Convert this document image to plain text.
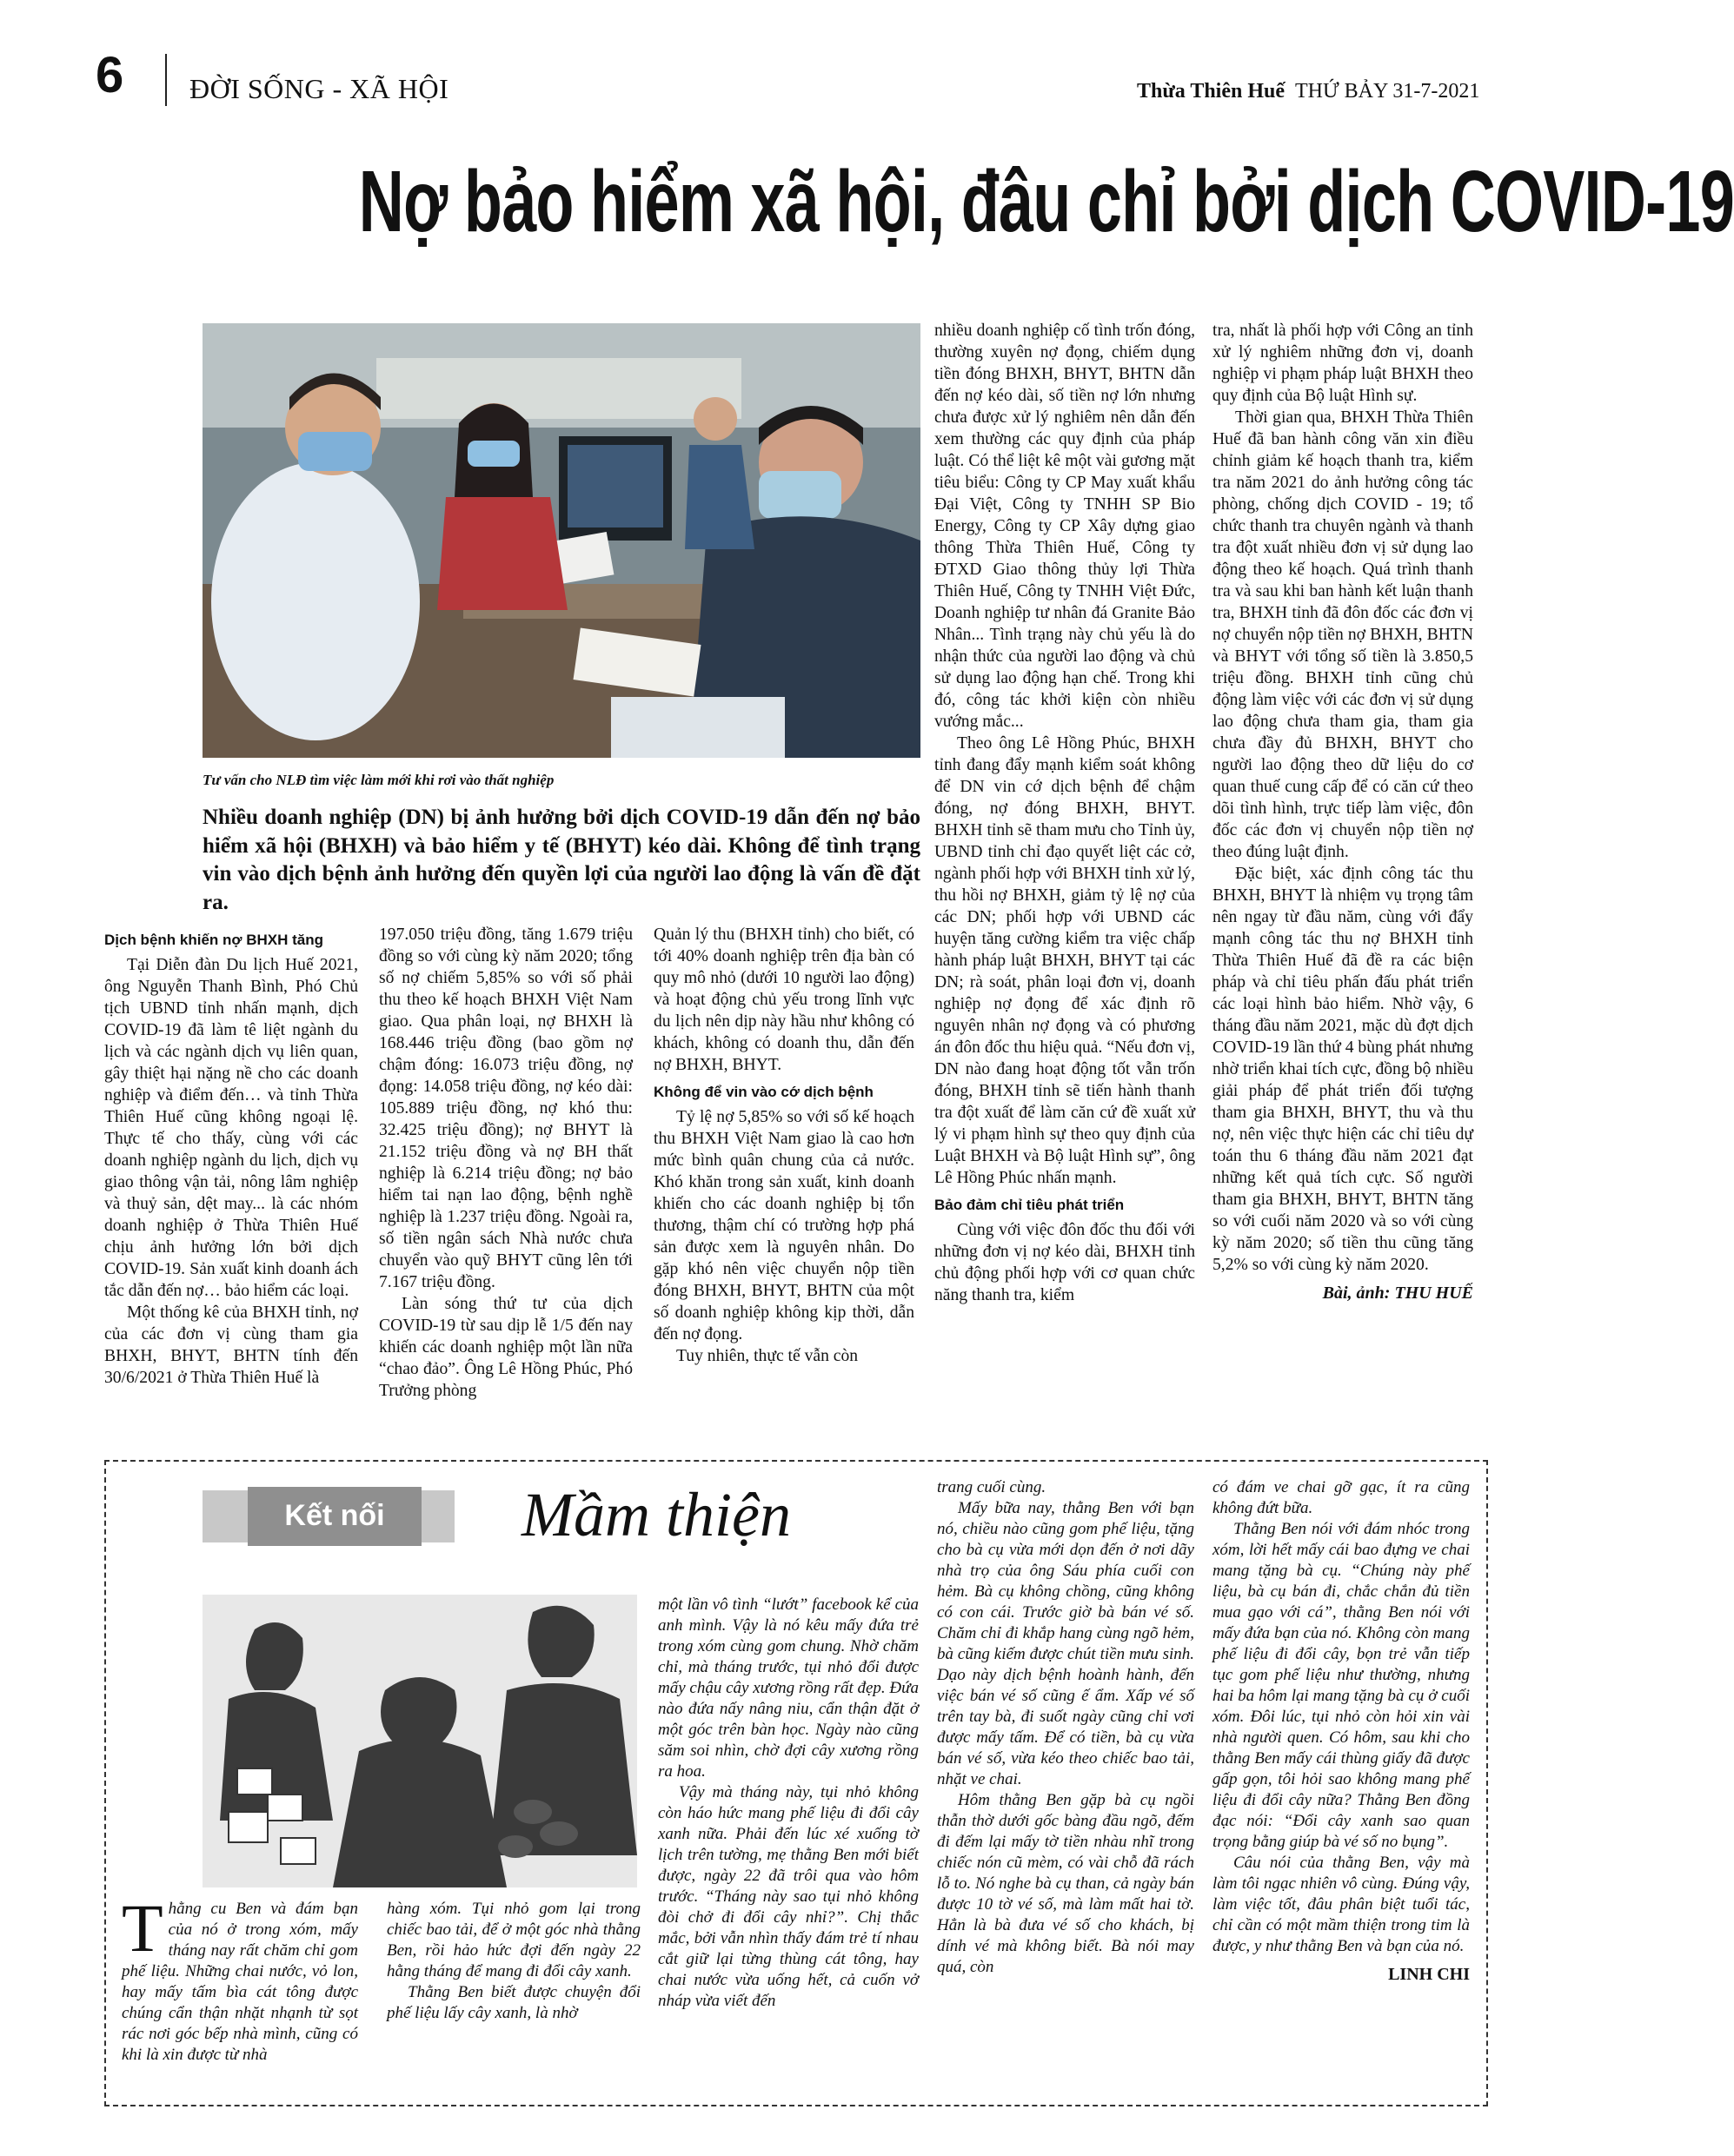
6 ĐỜI SỐNG - XÃ HỘI	Thừa Thiên Huế THỨ BẢY 31-7-2021
Nợ bảo hiểm xã hội, đâu chỉ bởi dịch COVID-19
Tư vấn cho NLĐ tìm việc làm mới khi rơi vào thất nghiệp
Nhiều doanh nghiệp (DN) bị ảnh hưởng bởi dịch COVID-19 dẫn đến nợ bảo hiểm xã hội (BHXH) và bảo hiểm y tế (BHYT) kéo dài. Không để tình trạng vin vào dịch bệnh ảnh hưởng đến quyền lợi của người lao động là vấn đề đặt ra.
Dịch bệnh khiến nợ BHXH tăng

Tại Diễn đàn Du lịch Huế 2021, ông Nguyễn Thanh Bình, Phó Chủ tịch UBND tỉnh nhấn mạnh, dịch COVID-19 đã làm tê liệt ngành du lịch và các ngành dịch vụ liên quan, gây thiệt hại nặng nề cho các doanh nghiệp và điểm đến… và tỉnh Thừa Thiên Huế cũng không ngoại lệ. Thực tế cho thấy, cùng với các doanh nghiệp ngành du lịch, dịch vụ giao thông vận tải, nông lâm nghiệp và thuỷ sản, dệt may... là các nhóm doanh nghiệp ở Thừa Thiên Huế chịu ảnh hưởng lớn bởi dịch COVID-19. Sản xuất kinh doanh ách tắc dẫn đến nợ… bảo hiểm các loại.

Một thống kê của BHXH tỉnh, nợ của các đơn vị cùng tham gia BHXH, BHYT, BHTN tính đến 30/6/2021 ở Thừa Thiên Huế là

197.050 triệu đồng, tăng 1.679 triệu đồng so với cùng kỳ năm 2020; tổng số nợ chiếm 5,85% so với số phải thu theo kế hoạch BHXH Việt Nam giao. Qua phân loại, nợ BHXH là 168.446 triệu đồng (bao gồm nợ chậm đóng: 16.073 triệu đồng, nợ đọng: 14.058 triệu đồng, nợ kéo dài: 105.889 triệu đồng, nợ khó thu: 32.425 triệu đồng); nợ BHYT là 21.152 triệu đồng và nợ BH thất nghiệp là 6.214 triệu đồng; nợ bảo hiểm tai nạn lao động, bệnh nghề nghiệp là 1.237 triệu đồng. Ngoài ra, số tiền ngân sách Nhà nước chưa chuyển vào quỹ BHYT cũng lên tới 7.167 triệu đồng.

Làn sóng thứ tư của dịch COVID-19 từ sau dịp lễ 1/5 đến nay khiến các doanh nghiệp một lần nữa “chao đảo”. Ông Lê Hồng Phúc, Phó Trưởng phòng

Quản lý thu (BHXH tỉnh) cho biết, có tới 40% doanh nghiệp trên địa bàn có quy mô nhỏ (dưới 10 người lao động) và hoạt động chủ yếu trong lĩnh vực du lịch nên dịp này hầu như không có khách, không có doanh thu, dẫn đến nợ BHXH, BHYT.

Không để vin vào cớ dịch bệnh

Tỷ lệ nợ 5,85% so với số kế hoạch thu BHXH Việt Nam giao là cao hơn mức bình quân chung của cả nước. Khó khăn trong sản xuất, kinh doanh khiến cho các doanh nghiệp bị tổn thương, thậm chí có trường hợp phá sản được xem là nguyên nhân. Do gặp khó nên việc chuyển nộp tiền đóng BHXH, BHYT, BHTN của một số doanh nghiệp không kịp thời, dẫn đến nợ đọng.

Tuy nhiên, thực tế vẫn còn

nhiều doanh nghiệp cố tình trốn đóng, thường xuyên nợ đọng, chiếm dụng tiền đóng BHXH, BHYT, BHTN dẫn đến nợ kéo dài, số tiền nợ lớn nhưng chưa được xử lý nghiêm nên dẫn đến xem thường các quy định của pháp luật. Có thể liệt kê một vài gương mặt tiêu biểu: Công ty CP May xuất khẩu Đại Việt, Công ty TNHH SP Bio Energy, Công ty CP Xây dựng giao thông Thừa Thiên Huế, Công ty ĐTXD Giao thông thủy lợi Thừa Thiên Huế, Công ty TNHH Việt Đức, Doanh nghiệp tư nhân đá Granite Bảo Nhân... Tình trạng này chủ yếu là do nhận thức của người lao động và chủ sử dụng lao động hạn chế. Trong khi đó, công tác khởi kiện còn nhiều vướng mắc...

Theo ông Lê Hồng Phúc, BHXH tỉnh đang đẩy mạnh kiểm soát không để DN vin cớ dịch bệnh để chậm đóng, nợ đóng BHXH, BHYT. BHXH tỉnh sẽ tham mưu cho Tỉnh ủy, UBND tỉnh chỉ đạo quyết liệt các cở, ngành phối hợp với BHXH tỉnh xử lý, thu hồi nợ BHXH, giảm tỷ lệ nợ của các DN; phối hợp với UBND các huyện tăng cường kiểm tra việc chấp hành pháp luật BHXH, BHYT tại các DN; rà soát, phân loại đơn vị, doanh nghiệp nợ đọng để xác định rõ nguyên nhân nợ đọng và có phương án đôn đốc thu hiệu quả. “Nếu đơn vị, DN nào đang hoạt động tốt vẫn trốn đóng, BHXH tỉnh sẽ tiến hành thanh tra đột xuất để làm căn cứ đề xuất xử lý vi phạm hình sự theo quy định của Luật BHXH và Bộ luật Hình sự”, ông Lê Hồng Phúc nhấn mạnh.

Bảo đảm chỉ tiêu phát triển

Cùng với việc đôn đốc thu đối với những đơn vị nợ kéo dài, BHXH tỉnh chủ động phối hợp với cơ quan chức năng thanh tra, kiểm

tra, nhất là phối hợp với Công an tỉnh xử lý nghiêm những đơn vị, doanh nghiệp vi phạm pháp luật BHXH theo quy định của Bộ luật Hình sự.

Thời gian qua, BHXH Thừa Thiên Huế đã ban hành công văn xin điều chỉnh giảm kế hoạch thanh tra, kiểm tra năm 2021 do ảnh hưởng công tác phòng, chống dịch COVID - 19; tổ chức thanh tra chuyên ngành và thanh tra đột xuất nhiều đơn vị sử dụng lao động theo kế hoạch. Quá trình thanh tra và sau khi ban hành kết luận thanh tra, BHXH tỉnh đã đôn đốc các đơn vị nợ chuyển nộp tiền nợ BHXH, BHTN và BHYT với tổng số tiền là 3.850,5 triệu đồng. BHXH tỉnh cũng chủ động làm việc với các đơn vị sử dụng lao động chưa tham gia, tham gia chưa đầy đủ BHXH, BHYT cho người lao động theo dữ liệu do cơ quan thuế cung cấp để có căn cứ theo dõi tình hình, trực tiếp làm việc, đôn đốc các đơn vị chuyển nộp tiền nợ theo đúng luật định.

Đặc biệt, xác định công tác thu BHXH, BHYT là nhiệm vụ trọng tâm nên ngay từ đầu năm, cùng với đẩy mạnh công tác thu nợ BHXH tỉnh Thừa Thiên Huế đã đề ra các biện pháp và chỉ tiêu phấn đấu phát triển các loại hình bảo hiểm. Nhờ vậy, 6 tháng đầu năm 2021, mặc dù đợt dịch COVID-19 lần thứ 4 bùng phát nhưng nhờ triển khai tích cực, đồng bộ nhiều giải pháp để phát triển đối tượng tham gia BHXH, BHYT, thu và thu nợ, nên việc thực hiện các chỉ tiêu dự toán thu 6 tháng đầu năm 2021 đạt những kết quả tích cực. Số người tham gia BHXH, BHYT, BHTN tăng so với cuối năm 2020 và so với cùng kỳ năm 2020; số tiền thu cũng tăng 5,2% so với cùng kỳ năm 2020.

Bài, ảnh: THU HUẾ
Kết nối	Mầm thiện
Thằng cu Ben và đám bạn của nó ở trong xóm, mấy tháng nay rất chăm chỉ gom phế liệu. Những chai nước, vỏ lon, hay mấy tấm bìa cát tông được chúng cẩn thận nhặt nhạnh từ sọt rác nơi góc bếp nhà mình, cũng có khi là xin được từ nhà

hàng xóm. Tụi nhỏ gom lại trong chiếc bao tải, để ở một góc nhà thằng Ben, rồi hảo hức đợi đến ngày 22 hằng tháng để mang đi đổi cây xanh.

Thằng Ben biết được chuyện đổi phế liệu lấy cây xanh, là nhờ

một lần vô tình “lướt” facebook kể của anh mình. Vậy là nó kêu mấy đứa trẻ trong xóm cùng gom chung. Nhờ chăm chỉ, mà tháng trước, tụi nhỏ đổi được mấy chậu cây xương rồng rất đẹp. Đứa nào đứa nấy nâng niu, cẩn thận đặt ở một góc trên bàn học. Ngày nào cũng săm soi nhìn, chờ đợi cây xương rồng ra hoa.

Vậy mà tháng này, tụi nhỏ không còn háo hức mang phế liệu đi đổi cây xanh nữa. Phải đến lúc xé xuống tờ lịch trên tường, mẹ thằng Ben mới biết được, ngày 22 đã trôi qua vào hôm trước. “Tháng này sao tụi nhỏ không đòi chở đi đổi cây nhỉ?”. Chị thắc mắc, bởi vẫn nhìn thấy đám trẻ tí nhau cắt giữ lại từng thùng cát tông, hay chai nước vừa uống hết, cả cuốn vở nháp vừa viết đến

trang cuối cùng.

Mấy bữa nay, thằng Ben với bạn nó, chiều nào cũng gom phế liệu, tặng cho bà cụ vừa mới dọn đến ở nơi dãy nhà trọ của ông Sáu phía cuối con hẻm. Bà cụ không chồng, cũng không có con cái. Trước giờ bà bán vé số. Chăm chỉ đi khắp hang cùng ngõ hẻm, bà cũng kiếm được chút tiền mưu sinh. Dạo này dịch bệnh hoành hành, đến việc bán vé số cũng ế ẩm. Xấp vé số trên tay bà, đi suốt ngày cũng chỉ vơi được mấy tấm. Để có tiền, bà cụ vừa bán vé số, vừa kéo theo chiếc bao tải, nhặt ve chai.

Hôm thằng Ben gặp bà cụ ngồi thẫn thờ dưới gốc bàng đầu ngõ, đếm đi đếm lại mấy tờ tiền nhàu nhĩ trong chiếc nón cũ mèm, có vài chỗ đã rách lỗ to. Nó nghe bà cụ than, cả ngày bán được 10 tờ vé số, mà làm mất hai tờ. Hẳn là bà đưa vé số cho khách, bị dính vé mà không biết. Bà nói may quá, còn

có đám ve chai gỡ gạc, ít ra cũng không đứt bữa.

Thằng Ben nói với đám nhóc trong xóm, lời hết mấy cái bao đựng ve chai mang tặng bà cụ. “Chúng này phế liệu, bà cụ bán đi, chắc chắn đủ tiền mua gạo với cá”, thằng Ben nói với mấy đứa bạn của nó. Không còn mang phế liệu đi đổi cây, bọn trẻ vẫn tiếp tục gom phế liệu như thường, nhưng hai ba hôm lại mang tặng bà cụ ở cuối xóm. Đôi lúc, tụi nhỏ còn hỏi xin vài nhà người quen. Có hôm, sau khi cho thằng Ben mấy cái thùng giấy đã được gấp gọn, tôi hỏi sao không mang phế liệu đi đổi cây nữa? Thằng Ben đồng đạc nói: “Đổi cây xanh sao quan trọng bằng giúp bà vé số no bụng”.

Câu nói của thằng Ben, vậy mà làm tôi ngạc nhiên vô cùng. Đúng vậy, làm việc tốt, đâu phân biệt tuổi tác, chỉ cần có một mầm thiện trong tim là được, y như thằng Ben và bạn của nó.

LINH CHI
